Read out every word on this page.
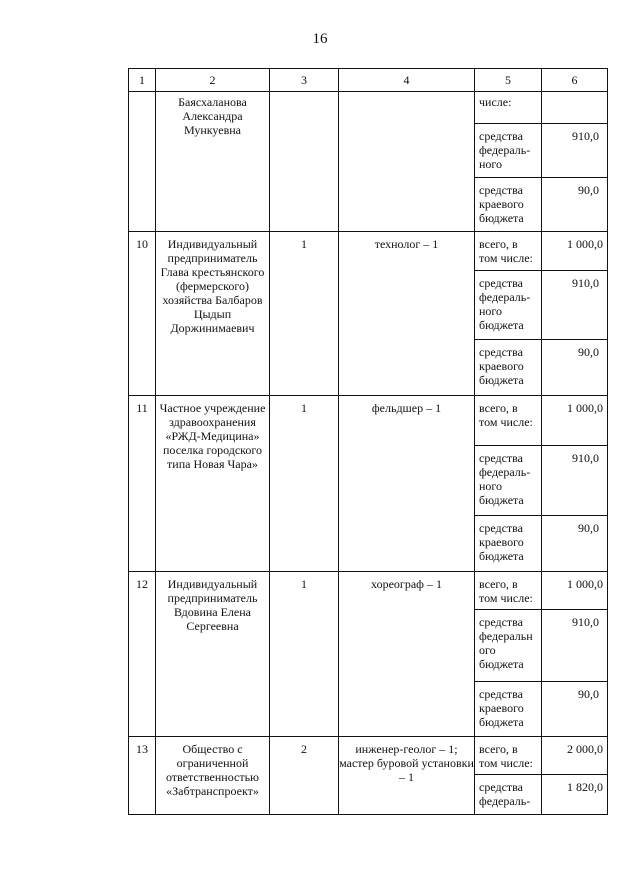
16
1	2	3	4	5	6
	Баясхаланова Александра Мункуевна			числе:	
				средства федераль-ного	910,0
				средства краевого бюджета	90,0
10	Индивидуальный предприниматель Глава крестьянского (фермерского) хозяйства Балбаров Цыдып Доржинимаевич	1	технолог – 1	всего, в том числе:	1 000,0
				средства федераль-ного бюджета	910,0
				средства краевого бюджета	90,0
11	Частное учреждение здравоохранения «РЖД-Медицина» поселка городского типа Новая Чара»	1	фельдшер – 1	всего, в том числе:	1 000,0
				средства федераль-ного бюджета	910,0
				средства краевого бюджета	90,0
12	Индивидуальный предприниматель Вдовина Елена Сергеевна	1	хореограф – 1	всего, в том числе:	1 000,0
				средства федеральн ого бюджета	910,0
				средства краевого бюджета	90,0
13	Общество с ограниченной ответственностью «Забтранспроект»	2	инженер-геолог – 1; мастер буровой установки – 1	всего, в том числе:	2 000,0
				средства федераль-	1 820,0
